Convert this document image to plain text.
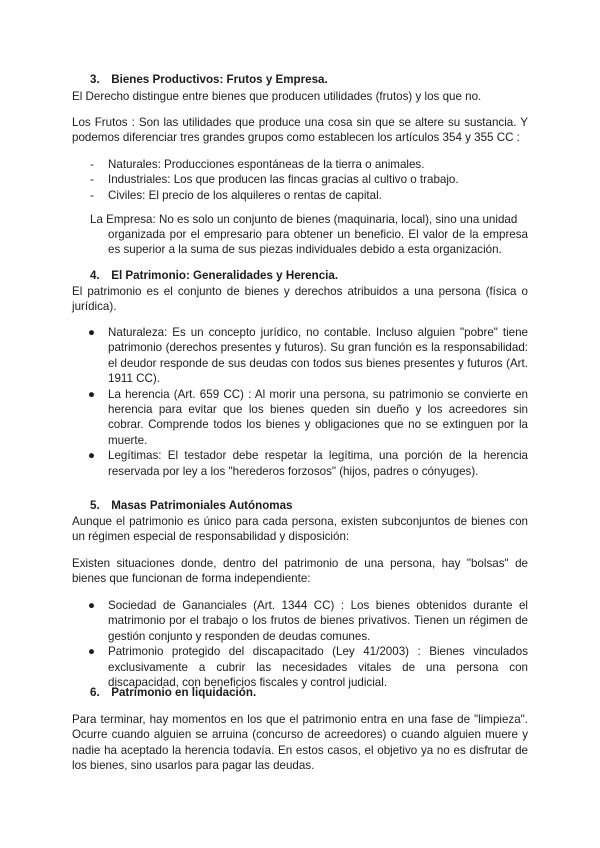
3. Bienes Productivos: Frutos y Empresa.

El Derecho distingue entre bienes que producen utilidades (frutos) y los que no.

Los Frutos : Son las utilidades que produce una cosa sin que se altere su sustancia. Y podemos diferenciar tres grandes grupos como establecen los artículos 354 y 355 CC :

- Naturales: Producciones espontáneas de la tierra o animales.
- Industriales: Los que producen las fincas gracias al cultivo o trabajo.
- Civiles: El precio de los alquileres o rentas de capital.

La Empresa: No es solo un conjunto de bienes (maquinaria, local), sino una unidad

organizada por el empresario para obtener un beneficio. El valor de la empresa es superior a la suma de sus piezas individuales debido a esta organización.

4. El Patrimonio: Generalidades y Herencia.

El patrimonio es el conjunto de bienes y derechos atribuidos a una persona (física o jurídica).

● Naturaleza: Es un concepto jurídico, no contable. Incluso alguien "pobre" tiene patrimonio (derechos presentes y futuros). Su gran función es la responsabilidad: el deudor responde de sus deudas con todos sus bienes presentes y futuros (Art. 1911 CC).
● La herencia (Art. 659 CC) : Al morir una persona, su patrimonio se convierte en herencia para evitar que los bienes queden sin dueño y los acreedores sin cobrar. Comprende todos los bienes y obligaciones que no se extinguen por la muerte.
● Legítimas: El testador debe respetar la legítima, una porción de la herencia reservada por ley a los "herederos forzosos" (hijos, padres o cónyuges).

5. Masas Patrimoniales Autónomas

Aunque el patrimonio es único para cada persona, existen subconjuntos de bienes con un régimen especial de responsabilidad y disposición:

Existen situaciones donde, dentro del patrimonio de una persona, hay "bolsas" de bienes que funcionan de forma independiente:

● Sociedad de Gananciales (Art. 1344 CC) : Los bienes obtenidos durante el matrimonio por el trabajo o los frutos de bienes privativos. Tienen un régimen de gestión conjunto y responden de deudas comunes.
● Patrimonio protegido del discapacitado (Ley 41/2003) : Bienes vinculados exclusivamente a cubrir las necesidades vitales de una persona con discapacidad, con beneficios fiscales y control judicial.

6. Patrimonio en liquidación.

Para terminar, hay momentos en los que el patrimonio entra en una fase de "limpieza". Ocurre cuando alguien se arruina (concurso de acreedores) o cuando alguien muere y nadie ha aceptado la herencia todavía. En estos casos, el objetivo ya no es disfrutar de los bienes, sino usarlos para pagar las deudas.
